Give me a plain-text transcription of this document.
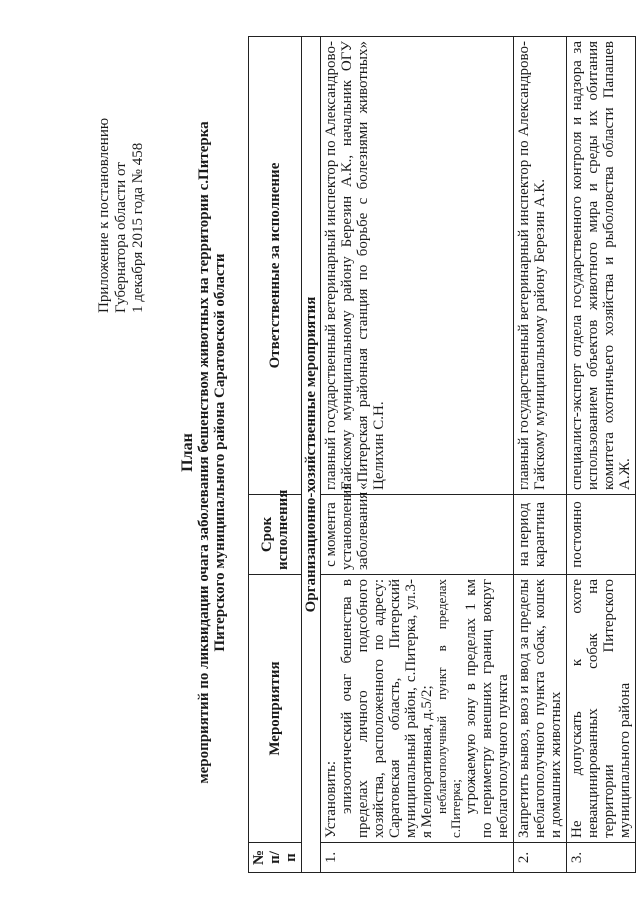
Приложение к постановлению Губернатора области от 1 декабря 2015 года № 458
План мероприятий по ликвидации очага заболевания бешенством животных на территории с.Питерка Питерского муниципального района Саратовской области
№ п/п	Мероприятия	Срок исполнения	Ответственные за исполнение
Организационно-хозяйственные мероприятия			
1.	Установить: эпизоотический очаг бешенства в пределах личного подсобного хозяйства, расположенного по адресу: Саратовская область, Питерский муниципальный район, с.Питерка, ул.3-я Мелиоративная, д.5/2; неблагополучный пункт в пределах с.Питерка; угрожаемую зону в пределах 1 км по периметру внешних границ вокруг неблагополучного пункта	с момента установления заболевания	главный государственный ветеринарный инспектор по Александрово-Гайскому муниципальному району Березин А.К., начальник ОГУ «Питерская районная станция по борьбе с болезнями животных» Целихин С.Н.
2.	Запретить вывоз, ввоз и ввод за пределы неблагополучного пункта собак, кошек и домашних животных	на период карантина	главный государственный ветеринарный инспектор по Александрово-Гайскому муниципальному району Березин А.К.
3.	Не допускать к охоте невакцинированных собак на территории Питерского муниципального района	постоянно	специалист-эксперт отдела государственного контроля и надзора за использованием объектов животного мира и среды их обитания комитета охотничьего хозяйства и рыболовства области Папашев А.Ж.
